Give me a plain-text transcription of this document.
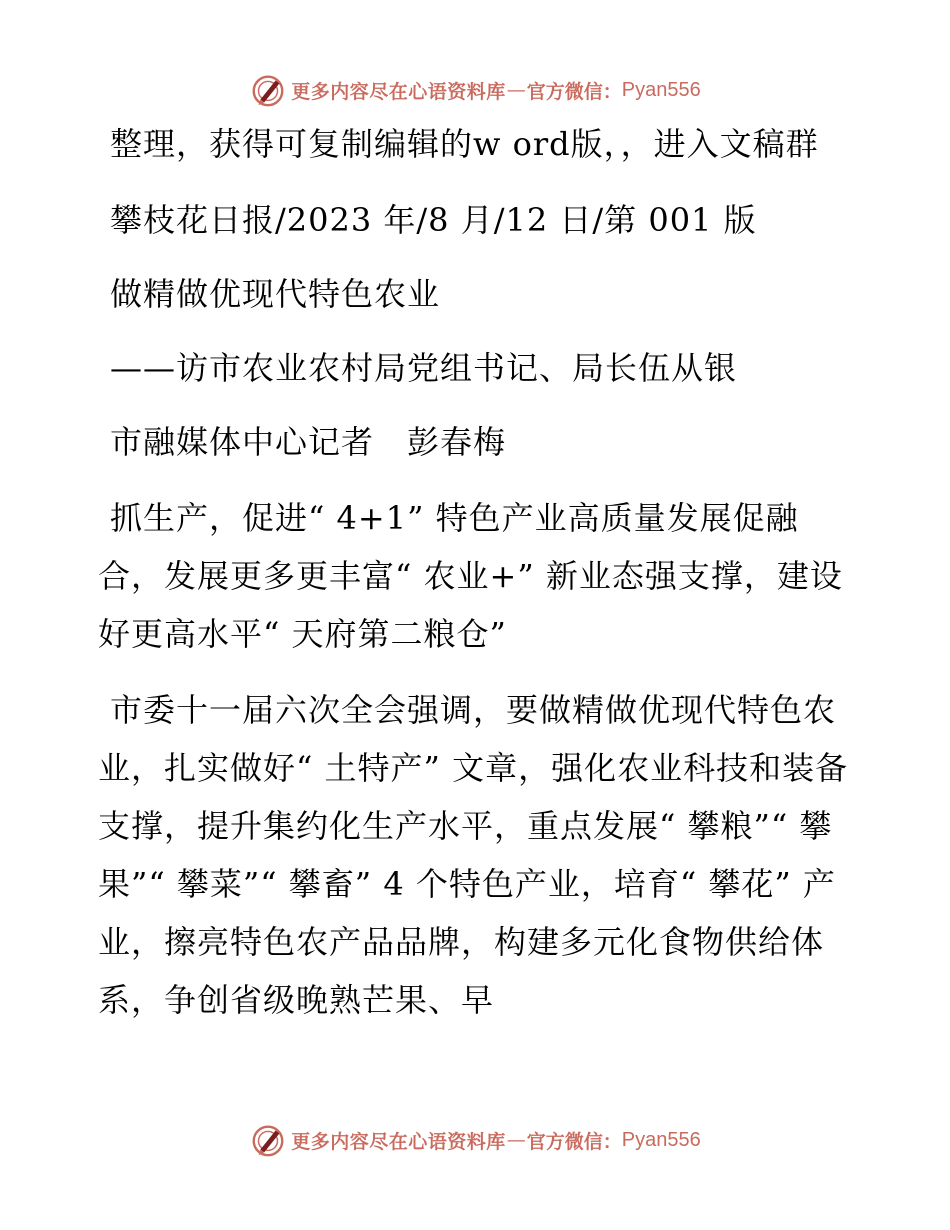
更多内容尽在心语资料库 — 官方微信： Pyan556

整理，获得可复制编辑的w ord版，，进入文稿群

攀枝花日报/2023 年/8 月/12 日/第 001 版

做精做优现代特色农业

——访市农业农村局党组书记、局长伍从银

市融媒体中心记者　彭春梅

抓生产，促进“ 4+1” 特色产业高质量发展促融合，发展更多更丰富“ 农业+” 新业态强支撑，建设好更高水平“ 天府第二粮仓”

市委十一届六次全会强调，要做精做优现代特色农业，扎实做好“ 土特产” 文章，强化农业科技和装备支撑，提升集约化生产水平，重点发展“ 攀粮”“ 攀果”“ 攀菜”“ 攀畜” 4 个特色产业，培育“ 攀花” 产业，擦亮特色农产品品牌，构建多元化食物供给体系，争创省级晚熟芒果、早

更多内容尽在心语资料库 — 官方微信： Pyan556
